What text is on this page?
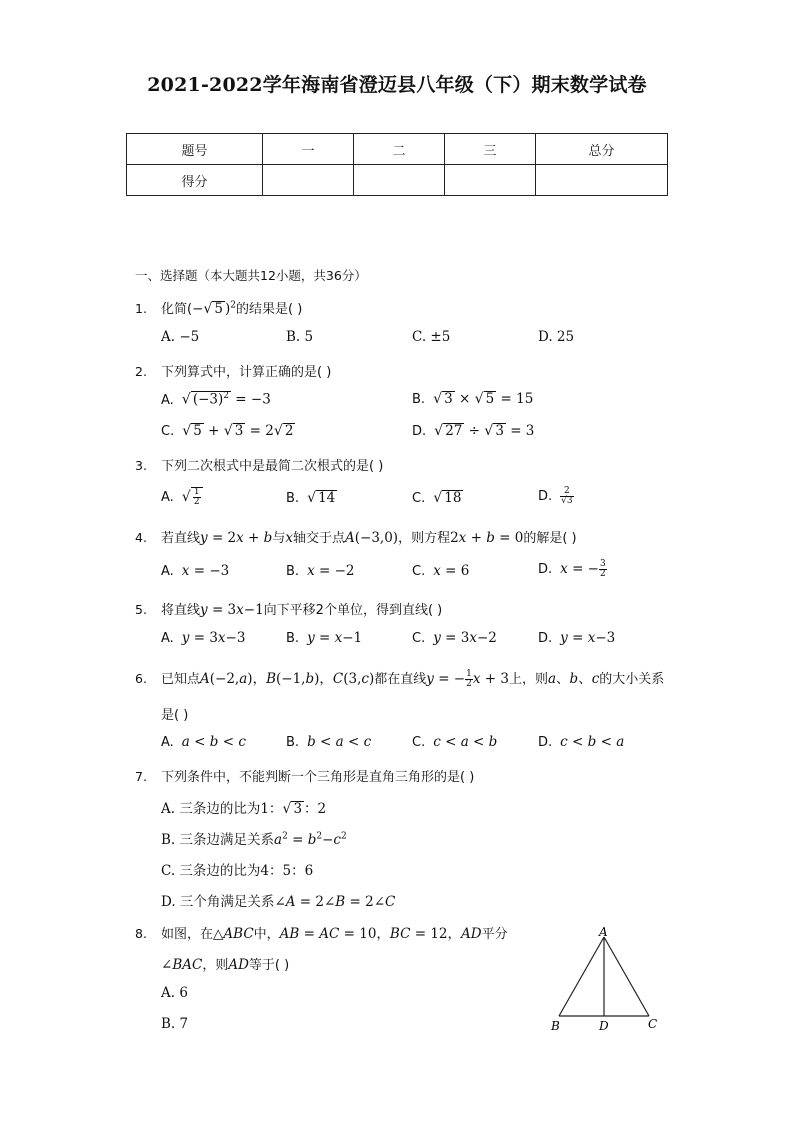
2021-2022学年海南省澄迈县八年级（下）期末数学试卷
题号	一	二	三	总分
得分				
一、选择题（本大题共12小题，共36分）
1. 化简(−√ 5 )$^2$的结果是( )
A. −5	B. 5	C. ±5	D. 25
2. 下列算式中，计算正确的是( )
A. √ $(-3)^2 = -3$	B. √ 3 × √ 5 = 15
C. √ 5 + √ 3 = 2√ 2	D. √ 27 ÷ √ 3 = 3
3. 下列二次根式中是最简二次根式的是( )
A. √ $\frac{1}{2}$	B. √ 14	C. √ 18	D. $\frac{2}{√3}$
4. 若直线y = 2x + b与x轴交于点A(−3,0)，则方程2x + b = 0的解是( )
A. x = −3	B. x = −2	C. x = 6	D. x = − $\frac{3}{2}$
5. 将直线y = 3x−1向下平移2个单位，得到直线( )
A. y = 3x−3	B. y = x−1	C. y = 3x−2	D. y = x−3
6. 已知点A(−2,a)，B(−1,b)，C(3,c)都在直线y = − $\frac{1}{2}$ x + 3上，则a、b、c的大小关系
是( )
A. a < b < c	B. b < a < c	C. c < a < b	D. c < b < a
7. 下列条件中，不能判断一个三角形是直角三角形的是( )
A. 三条边的比为1：√ 3 ：2
B. 三条边满足关系$a^2 = b^2-c^2$
C. 三条边的比为4：5：6
D. 三个角满足关系∠A = 2∠B = 2∠C
8. 如图，在△ABC中，AB = AC = 10，BC = 12，AD平分
∠BAC，则AD等于( )
A. 6
B. 7
A
B	D	C
